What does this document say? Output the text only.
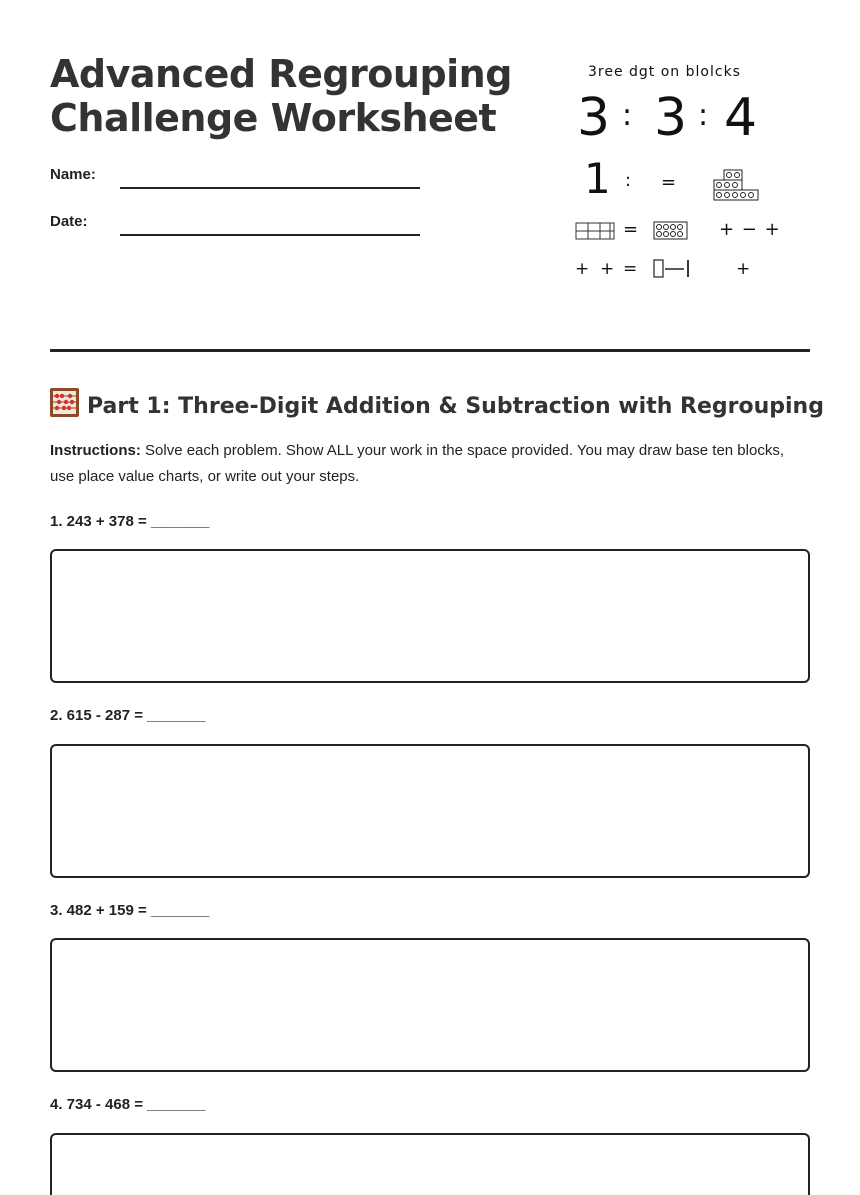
Advanced Regrouping
Challenge Worksheet
Name:
Date:
3ree dgt on blolcks
3 : 3 : 4
1 : =
=	+ − +
+ + =	+
Part 1: Three-Digit Addition & Subtraction with Regrouping
Instructions: Solve each problem. Show ALL your work in the space provided. You may draw base ten blocks, use place value charts, or write out your steps.
1. 243 + 378 = _______
2. 615 - 287 = _______
3. 482 + 159 = _______
4. 734 - 468 = _______
